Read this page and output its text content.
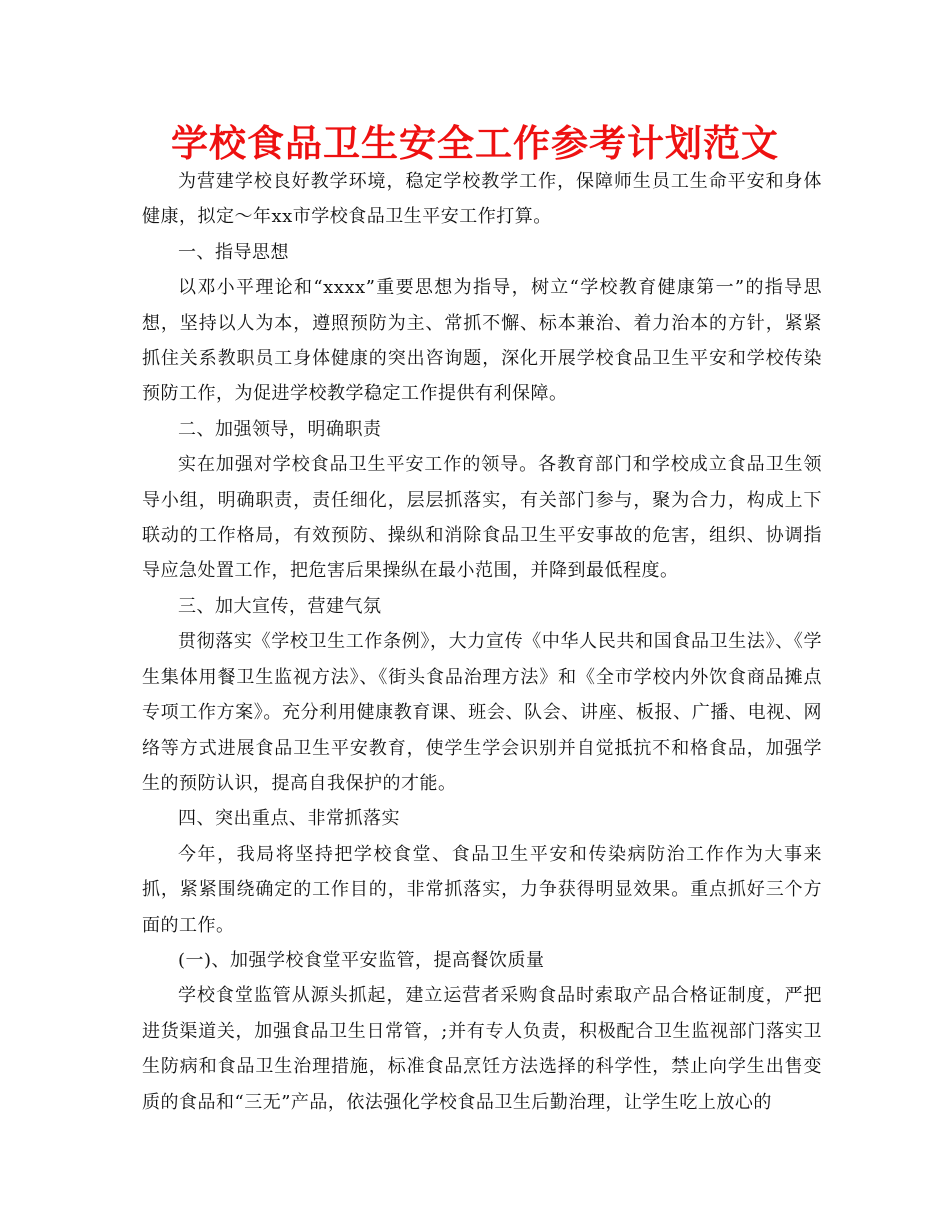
学校食品卫生安全工作参考计划范文

为营建学校良好教学环境，稳定学校教学工作，保障师生员工生命平安和身体健康，拟定～年xx市学校食品卫生平安工作打算。

一、指导思想

以邓小平理论和“xxxx”重要思想为指导，树立“学校教育健康第一”的指导思想，坚持以人为本，遵照预防为主、常抓不懈、标本兼治、着力治本的方针，紧紧抓住关系教职员工身体健康的突出咨询题，深化开展学校食品卫生平安和学校传染预防工作，为促进学校教学稳定工作提供有利保障。

二、加强领导，明确职责

实在加强对学校食品卫生平安工作的领导。各教育部门和学校成立食品卫生领导小组，明确职责，责任细化，层层抓落实，有关部门参与，聚为合力，构成上下联动的工作格局，有效预防、操纵和消除食品卫生平安事故的危害，组织、协调指导应急处置工作，把危害后果操纵在最小范围，并降到最低程度。

三、加大宣传，营建气氛

贯彻落实《学校卫生工作条例》，大力宣传《中华人民共和国食品卫生法》、《学生集体用餐卫生监视方法》、《街头食品治理方法》和《全市学校内外饮食商品摊点专项工作方案》。充分利用健康教育课、班会、队会、讲座、板报、广播、电视、网络等方式进展食品卫生平安教育，使学生学会识别并自觉抵抗不和格食品，加强学生的预防认识，提高自我保护的才能。

四、突出重点、非常抓落实

今年，我局将坚持把学校食堂、食品卫生平安和传染病防治工作作为大事来抓，紧紧围绕确定的工作目的，非常抓落实，力争获得明显效果。重点抓好三个方面的工作。

(一)、加强学校食堂平安监管，提高餐饮质量

学校食堂监管从源头抓起，建立运营者采购食品时索取产品合格证制度，严把进货渠道关，加强食品卫生日常管，;并有专人负责，积极配合卫生监视部门落实卫生防病和食品卫生治理措施，标准食品烹饪方法选择的科学性，禁止向学生出售变质的食品和“三无”产品，依法强化学校食品卫生后勤治理，让学生吃上放心的
